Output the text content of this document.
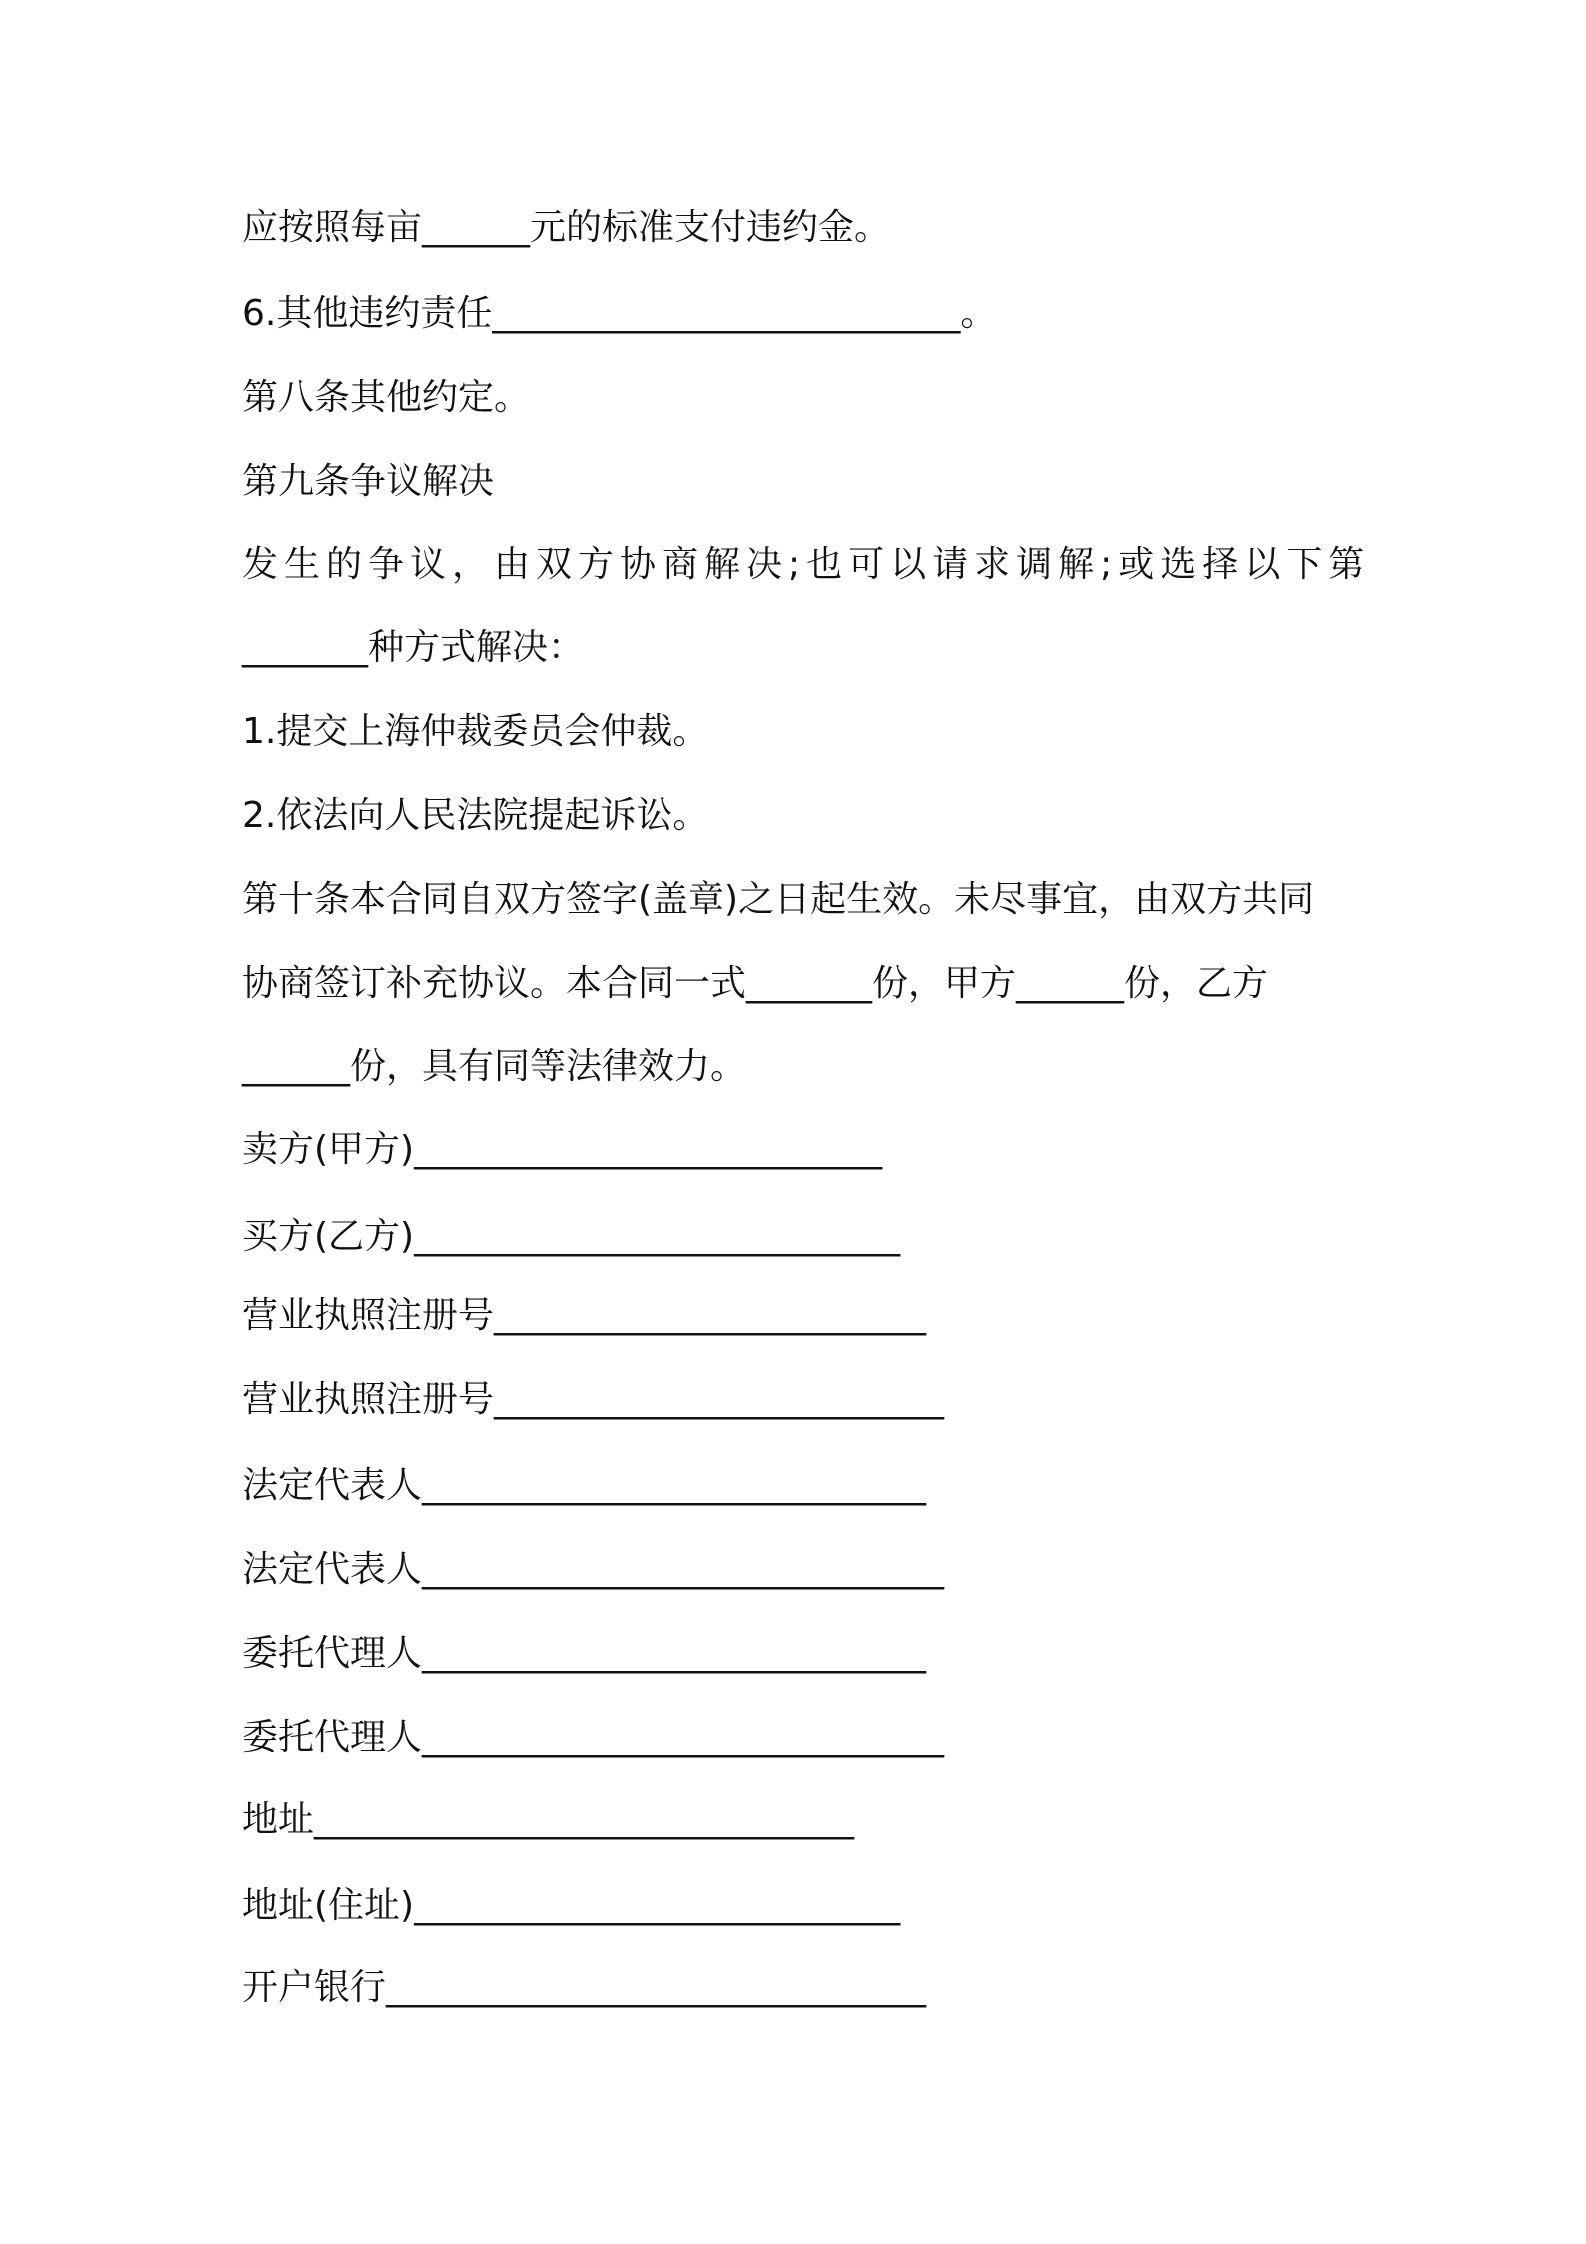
应按照每亩______元的标准支付违约金。
6.其他违约责任__________________________。
第八条其他约定。
第九条争议解决
发生的争议，由双方协商解决;也可以请求调解;或选择以下第
_______种方式解决：
1.提交上海仲裁委员会仲裁。
2.依法向人民法院提起诉讼。
第十条本合同自双方签字(盖章)之日起生效。未尽事宜，由双方共同
协商签订补充协议。本合同一式_______份，甲方______份，乙方
______份，具有同等法律效力。
卖方(甲方)__________________________
买方(乙方)___________________________
营业执照注册号________________________
营业执照注册号_________________________
法定代表人____________________________
法定代表人_____________________________
委托代理人____________________________
委托代理人_____________________________
地址______________________________
地址(住址)___________________________
开户银行______________________________
